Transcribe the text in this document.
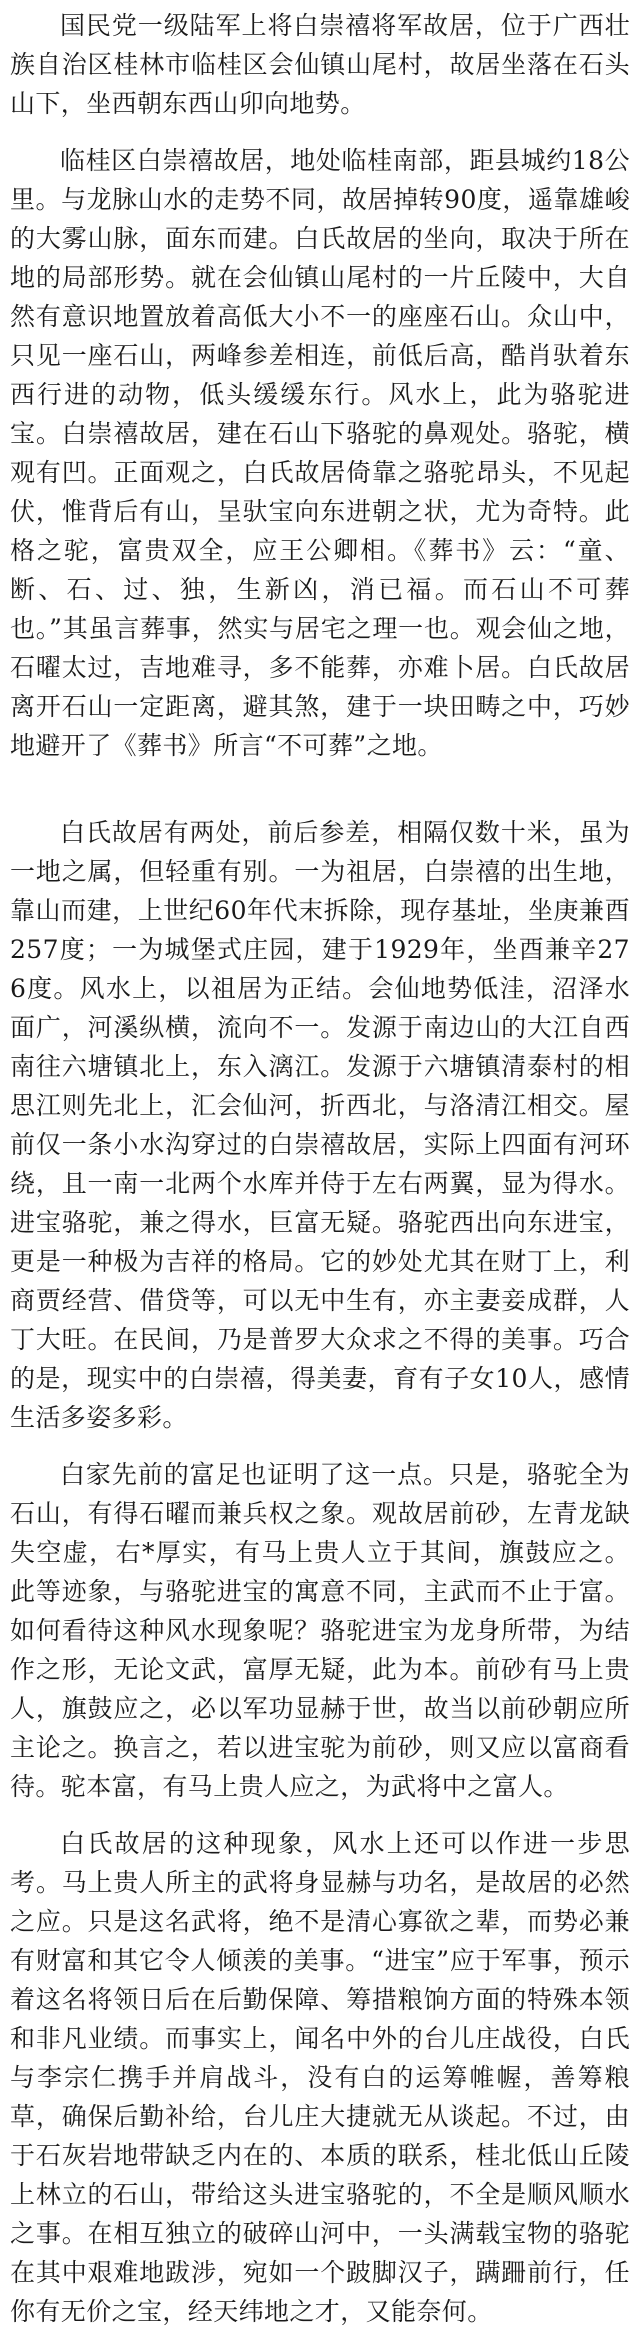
国民党一级陆军上将白崇禧将军故居，位于广西壮族自治区桂林市临桂区会仙镇山尾村，故居坐落在石头山下，坐西朝东西山卯向地势。

临桂区白崇禧故居，地处临桂南部，距县城约18公里。与龙脉山水的走势不同，故居掉转90度，遥靠雄峻的大雾山脉，面东而建。白氏故居的坐向，取决于所在地的局部形势。就在会仙镇山尾村的一片丘陵中，大自然有意识地置放着高低大小不一的座座石山。众山中，只见一座石山，两峰参差相连，前低后高，酷肖驮着东西行进的动物，低头缓缓东行。风水上，此为骆驼进宝。白崇禧故居，建在石山下骆驼的鼻观处。骆驼，横观有凹。正面观之，白氏故居倚靠之骆驼昂头，不见起伏，惟背后有山，呈驮宝向东进朝之状，尤为奇特。此格之驼，富贵双全，应王公卿相。《葬书》云：“童、断、石、过、独，生新凶，消已福。而石山不可葬也。”其虽言葬事，然实与居宅之理一也。观会仙之地，石曜太过，吉地难寻，多不能葬，亦难卜居。白氏故居离开石山一定距离，避其煞，建于一块田畴之中，巧妙地避开了《葬书》所言“不可葬”之地。

白氏故居有两处，前后参差，相隔仅数十米，虽为一地之属，但轻重有别。一为祖居，白崇禧的出生地，靠山而建，上世纪60年代末拆除，现存基址，坐庚兼酉257度；一为城堡式庄园，建于1929年，坐酉兼辛276度。风水上，以祖居为正结。会仙地势低洼，沼泽水面广，河溪纵横，流向不一。发源于南边山的大江自西南往六塘镇北上，东入漓江。发源于六塘镇清泰村的相思江则先北上，汇会仙河，折西北，与洛清江相交。屋前仅一条小水沟穿过的白崇禧故居，实际上四面有河环绕，且一南一北两个水库并侍于左右两翼，显为得水。进宝骆驼，兼之得水，巨富无疑。骆驼西出向东进宝，更是一种极为吉祥的格局。它的妙处尤其在财丁上，利商贾经营、借贷等，可以无中生有，亦主妻妾成群，人丁大旺。在民间，乃是普罗大众求之不得的美事。巧合的是，现实中的白崇禧，得美妻，育有子女10人，感情生活多姿多彩。

白家先前的富足也证明了这一点。只是，骆驼全为石山，有得石曜而兼兵权之象。观故居前砂，左青龙缺失空虚，右*厚实，有马上贵人立于其间，旗鼓应之。此等迹象，与骆驼进宝的寓意不同，主武而不止于富。如何看待这种风水现象呢？骆驼进宝为龙身所带，为结作之形，无论文武，富厚无疑，此为本。前砂有马上贵人，旗鼓应之，必以军功显赫于世，故当以前砂朝应所主论之。换言之，若以进宝驼为前砂，则又应以富商看待。驼本富，有马上贵人应之，为武将中之富人。

白氏故居的这种现象，风水上还可以作进一步思考。马上贵人所主的武将身显赫与功名，是故居的必然之应。只是这名武将，绝不是清心寡欲之辈，而势必兼有财富和其它令人倾羡的美事。“进宝”应于军事，预示着这名将领日后在后勤保障、筹措粮饷方面的特殊本领和非凡业绩。而事实上，闻名中外的台儿庄战役，白氏与李宗仁携手并肩战斗，没有白的运筹帷幄，善筹粮草，确保后勤补给，台儿庄大捷就无从谈起。不过，由于石灰岩地带缺乏内在的、本质的联系，桂北低山丘陵上林立的石山，带给这头进宝骆驼的，不全是顺风顺水之事。在相互独立的破碎山河中，一头满载宝物的骆驼在其中艰难地跋涉，宛如一个跛脚汉子，蹒跚前行，任你有无价之宝，经天纬地之才，又能奈何。
